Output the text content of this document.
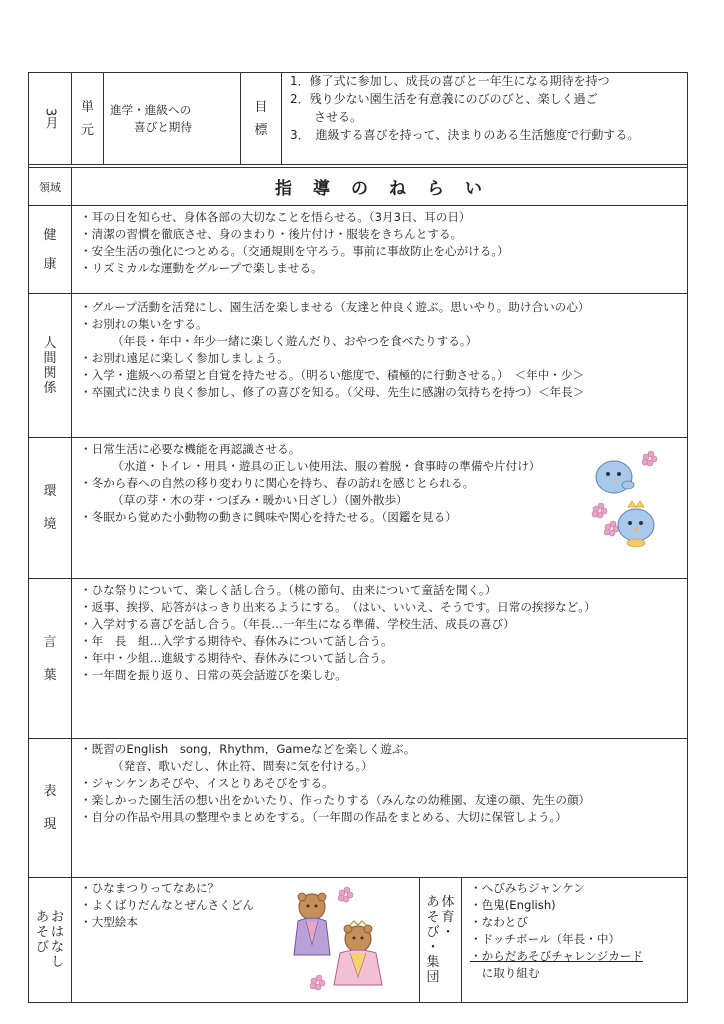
3月
単
元
進学・進級への
喜びと期待
目
標
1．修了式に参加し、成長の喜びと一年生になる期待を持つ
2．残り少ない園生活を有意義にのびのびと、楽しく過ご
させる。
3．　進級する喜びを持って、決まりのある生活態度で行動する。
領域	指　導　の　ね　ら　い
健
康
・耳の日を知らせ、身体各部の大切なことを悟らせる。（3月3日、耳の日）
・清潔の習慣を徹底させ、身のまわり・後片付け・服装をきちんとする。
・安全生活の強化につとめる。（交通規則を守ろう。事前に事故防止を心がける。）
・リズミカルな運動をグループで楽しませる。
人
間
関
係
・グループ活動を活発にし、園生活を楽しませる（友達と仲良く遊ぶ。思いやり。助け合いの心）
・お別れの集いをする。
（年長・年中・年少一緒に楽しく遊んだり、おやつを食べたりする。）
・お別れ遠足に楽しく参加しましょう。
・入学・進級への希望と自覚を持たせる。（明るい態度で、積極的に行動させる。）　＜年中・少＞
・卒園式に決まり良く参加し、修了の喜びを知る。（父母、先生に感謝の気持ちを持つ）＜年長＞
環
境
・日常生活に必要な機能を再認識させる。
（水道・トイレ・用具・遊具の正しい使用法、服の着脱・食事時の準備や片付け）
・冬から春への自然の移り変わりに関心を持ち、春の訪れを感じとられる。
（草の芽・木の芽・つぼみ・暖かい日ざし）（園外散歩）
・冬眠から覚めた小動物の動きに興味や関心を持たせる。（図鑑を見る）
言
葉
・ひな祭りについて、楽しく話し合う。（桃の節句、由来について童話を聞く。）
・返事、挨拶、応答がはっきり出来るようにする。　（はい、いいえ、そうです。日常の挨拶など。）
・入学対する喜びを話し合う。（年長…一年生になる準備、学校生活、成長の喜び）
・年　長　組…入学する期待や、春休みについて話し合う。
・年中・少組…進級する期待や、春休みについて話し合う。
・一年間を振り返り、日常の英会話遊びを楽しむ。
表
現
・既習のEnglish　song，Rhythm，Gameなどを楽しく遊ぶ。
（発音、歌いだし、休止符、間奏に気を付ける。）
・ジャンケンあそびや、イスとりあそびをする。
・楽しかった園生活の想い出をかいたり、作ったりする（みんなの幼稚園、友達の顔、先生の顔）
・自分の作品や用具の整理やまとめをする。（一年間の作品をまとめる、大切に保管しよう。）
お
は
な
し
あ
そ
び
・ひなまつりってなあに？
・よくばりだんなとぜんさくどん
・大型絵本
体
育
・
あ
そ
び
・
集
団
・へびみちジャンケン
・色鬼(English)
・なわとび
・ドッチボール（年長・中）
・からだあそびチャレンジカード
　に取り組む
